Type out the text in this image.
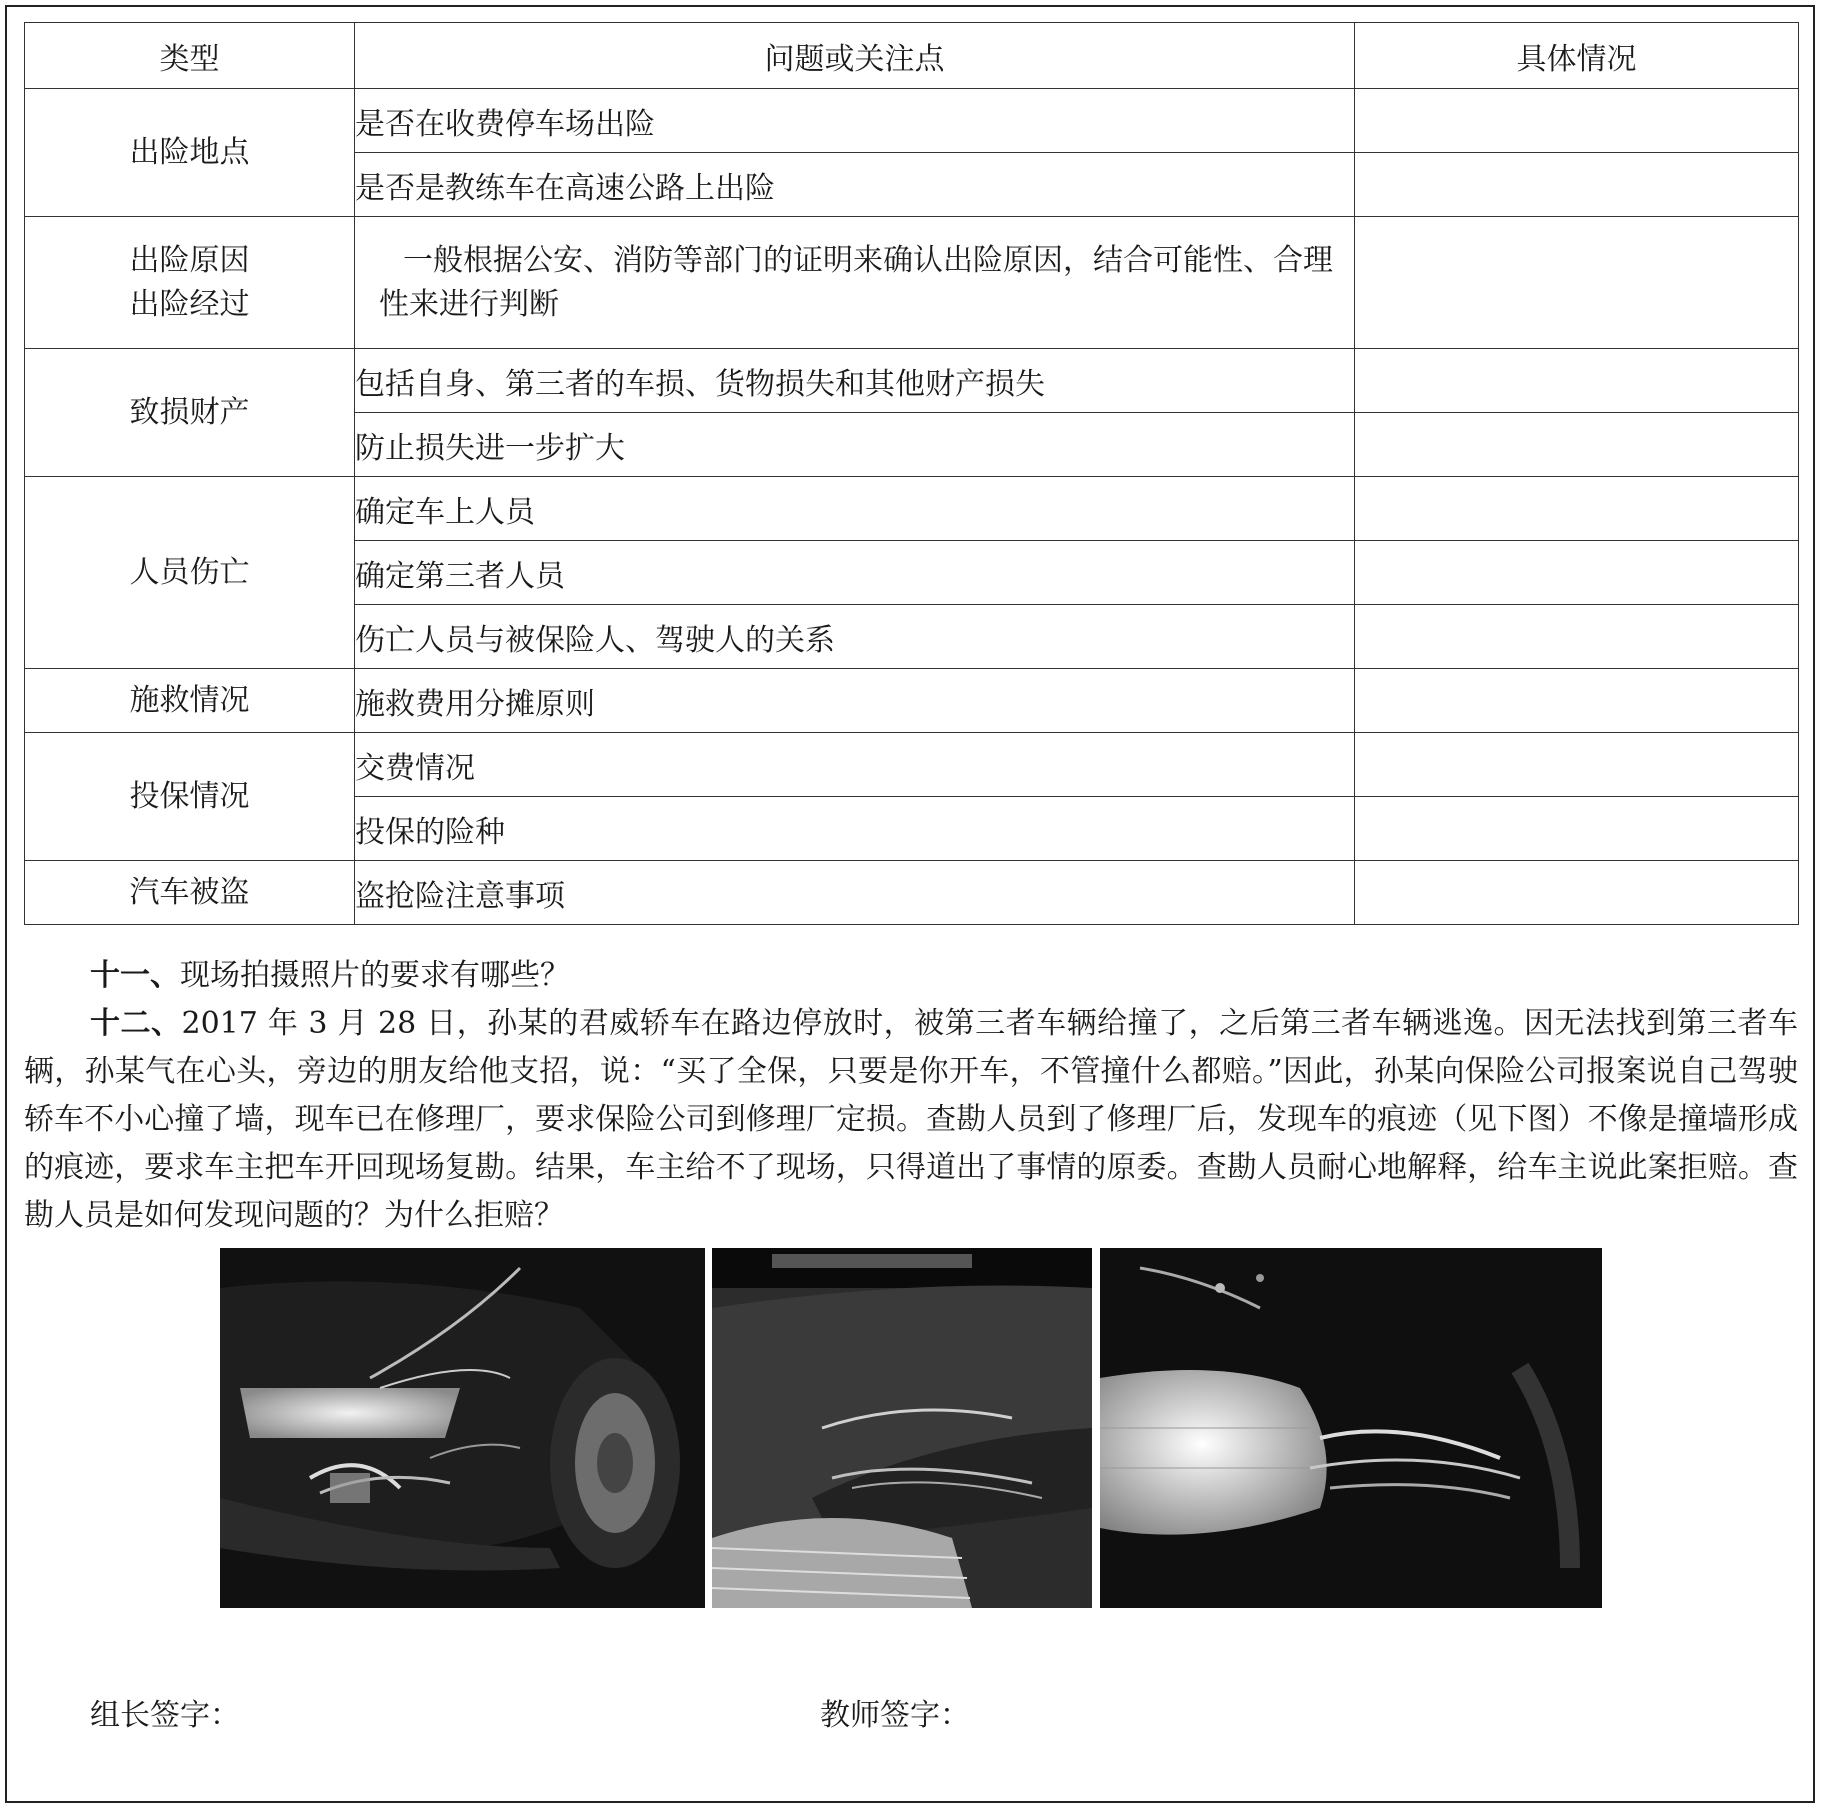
类型	问题或关注点	具体情况
出险地点	是否在收费停车场出险	
	是否是教练车在高速公路上出险	
出险原因
出险经过	一般根据公安、消防等部门的证明来确认出险原因，结合可能性、合理性来进行判断	
致损财产	包括自身、第三者的车损、货物损失和其他财产损失	
	防止损失进一步扩大	
人员伤亡	确定车上人员	
	确定第三者人员	
	伤亡人员与被保险人、驾驶人的关系	
施救情况	施救费用分摊原则	
投保情况	交费情况	
	投保的险种	
汽车被盗	盗抢险注意事项	

十一、现场拍摄照片的要求有哪些？

十二、2017 年 3 月 28 日，孙某的君威轿车在路边停放时，被第三者车辆给撞了，之后第三者车辆逃逸。因无法找到第三者车辆，孙某气在心头，旁边的朋友给他支招，说：“买了全保，只要是你开车，不管撞什么都赔。”因此，孙某向保险公司报案说自己驾驶轿车不小心撞了墙，现车已在修理厂，要求保险公司到修理厂定损。查勘人员到了修理厂后，发现车的痕迹（见下图）不像是撞墙形成的痕迹，要求车主把车开回现场复勘。结果，车主给不了现场，只得道出了事情的原委。查勘人员耐心地解释，给车主说此案拒赔。查勘人员是如何发现问题的？为什么拒赔？

组长签字：	教师签字：
